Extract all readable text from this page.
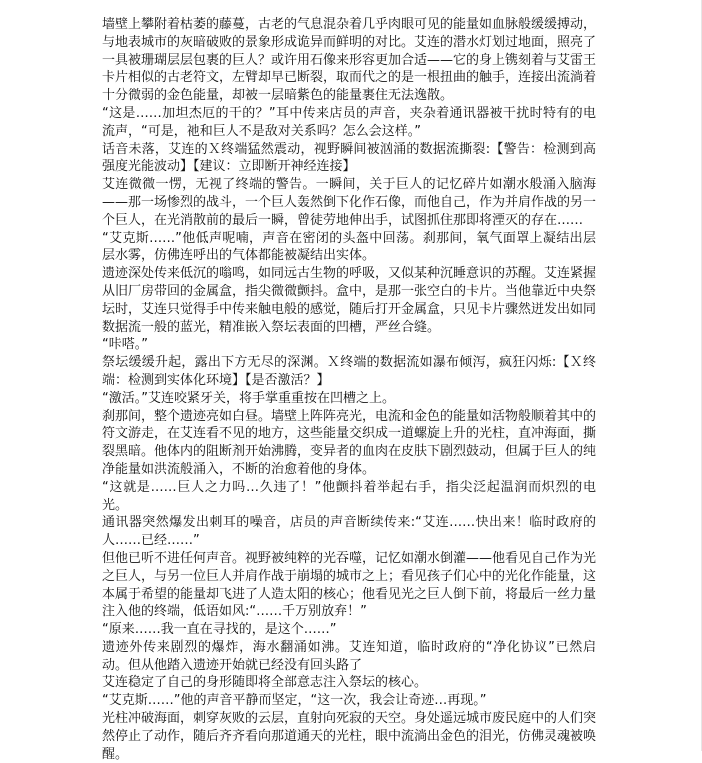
墙壁上攀附着枯萎的藤蔓，古老的气息混杂着几乎肉眼可见的能量如血脉般缓缓搏动，与地表城市的灰暗破败的景象形成诡异而鲜明的对比。艾连的潜水灯划过地面，照亮了一具被珊瑚层层包裹的巨人？或许用石像来形容更加合适——它的身上镌刻着与艾雷王卡片相似的古老符文，左臂却早已断裂，取而代之的是一根扭曲的触手，连接出流淌着十分微弱的金色能量，却被一层暗紫色的能量裹住无法逸散。

“这是……加坦杰厄的干的？”耳中传来店员的声音，夹杂着通讯器被干扰时特有的电流声，“可是，祂和巨人不是敌对关系吗？怎么会这样。”

话音未落，艾连的Ｘ终端猛然震动，视野瞬间被汹涌的数据流撕裂:【警告：检测到高强度光能波动】【建议：立即断开神经连接】

艾连微微一愣，无视了终端的警告。一瞬间，关于巨人的记忆碎片如潮水般涌入脑海——那一场惨烈的战斗，一个巨人轰然倒下化作石像，而他自己，作为并肩作战的另一个巨人，在光消散前的最后一瞬，曾徒劳地伸出手，试图抓住那即将湮灭的存在……

“艾克斯……”他低声呢喃，声音在密闭的头盔中回荡。刹那间，氧气面罩上凝结出层层水雾，仿佛连呼出的气体都能被凝结出实体。

遗迹深处传来低沉的嗡鸣，如同远古生物的呼吸，又似某种沉睡意识的苏醒。艾连紧握从旧厂房带回的金属盒，指尖微微颤抖。盒中，是那一张空白的卡片。当他靠近中央祭坛时，艾连只觉得手中传来触电般的感觉，随后打开金属盒，只见卡片骤然迸发出如同数据流一般的蓝光，精准嵌入祭坛表面的凹槽，严丝合缝。

“咔嗒。”

祭坛缓缓升起，露出下方无尽的深渊。Ｘ终端的数据流如瀑布倾泻，疯狂闪烁:【Ｘ终端：检测到实体化环境】【是否激活？】

“激活。”艾连咬紧牙关，将手掌重重按在凹槽之上。

刹那间，整个遗迹亮如白昼。墙壁上阵阵亮光，电流和金色的能量如活物般顺着其中的符文游走，在艾连看不见的地方，这些能量交织成一道螺旋上升的光柱，直冲海面，撕裂黑暗。他体内的阻断剂开始沸腾，变异者的血肉在皮肤下剧烈鼓动，但属于巨人的纯净能量如洪流般涌入，不断的治愈着他的身体。

“这就是……巨人之力吗…久违了！”他颤抖着举起右手，指尖泛起温润而炽烈的电光。

通讯器突然爆发出刺耳的噪音，店员的声音断续传来:“艾连……快出来！临时政府的人……已经……”

但他已听不进任何声音。视野被纯粹的光吞噬，记忆如潮水倒灌——他看见自己作为光之巨人，与另一位巨人并肩作战于崩塌的城市之上；看见孩子们心中的光化作能量，这本属于希望的能量却飞进了人造太阳的核心；他看见光之巨人倒下前，将最后一丝力量注入他的终端，低语如风:“……千万别放弃！”

“原来……我一直在寻找的，是这个……”

遗迹外传来剧烈的爆炸，海水翻涌如沸。艾连知道，临时政府的“净化协议”已然启动。但从他踏入遗迹开始就已经没有回头路了

艾连稳定了自己的身形随即将全部意志注入祭坛的核心。

“艾克斯……”他的声音平静而坚定，“这一次，我会让奇迹…再现。”

光柱冲破海面，刺穿灰败的云层，直射向死寂的天空。身处遥远城市废民庭中的人们突然停止了动作，随后齐齐看向那道通天的光柱，眼中流淌出金色的泪光，仿佛灵魂被唤醒。
